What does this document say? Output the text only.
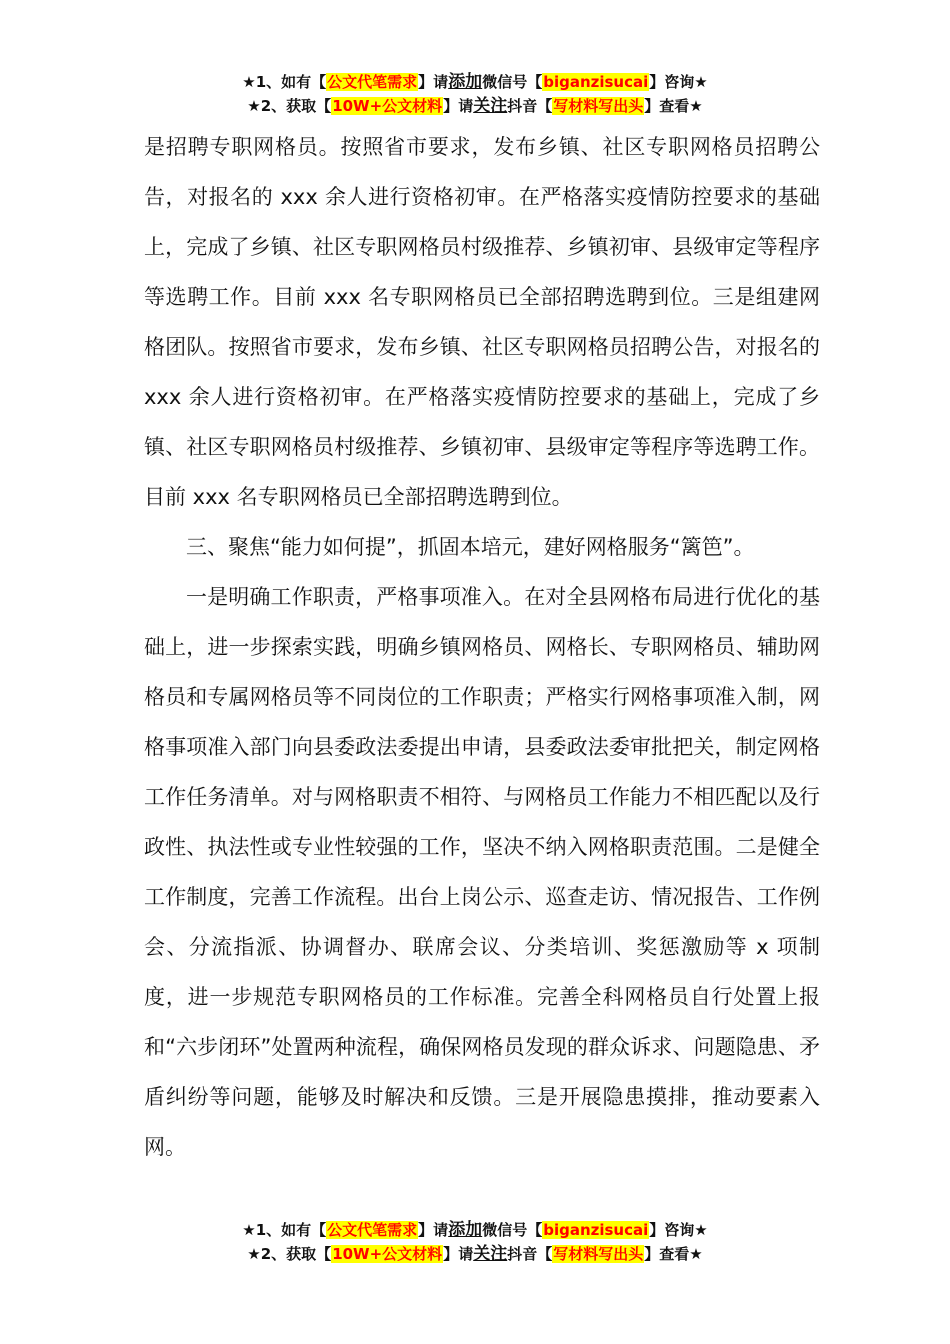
★1、如有【公文代笔需求】请添加微信号【biganzisucai】咨询★
★2、获取【10W+公文材料】请关注抖音【写材料写出头】查看★

是招聘专职网格员。按照省市要求，发布乡镇、社区专职网格员招聘公告，对报名的 xxx 余人进行资格初审。在严格落实疫情防控要求的基础上，完成了乡镇、社区专职网格员村级推荐、乡镇初审、县级审定等程序等选聘工作。目前 xxx 名专职网格员已全部招聘选聘到位。三是组建网格团队。按照省市要求，发布乡镇、社区专职网格员招聘公告，对报名的 xxx 余人进行资格初审。在严格落实疫情防控要求的基础上，完成了乡镇、社区专职网格员村级推荐、乡镇初审、县级审定等程序等选聘工作。目前 xxx 名专职网格员已全部招聘选聘到位。

三、聚焦“能力如何提”，抓固本培元，建好网格服务“篱笆”。

一是明确工作职责，严格事项准入。在对全县网格布局进行优化的基础上，进一步探索实践，明确乡镇网格员、网格长、专职网格员、辅助网格员和专属网格员等不同岗位的工作职责；严格实行网格事项准入制，网格事项准入部门向县委政法委提出申请，县委政法委审批把关，制定网格工作任务清单。对与网格职责不相符、与网格员工作能力不相匹配以及行政性、执法性或专业性较强的工作，坚决不纳入网格职责范围。二是健全工作制度，完善工作流程。出台上岗公示、巡查走访、情况报告、工作例会、分流指派、协调督办、联席会议、分类培训、奖惩激励等 x 项制度，进一步规范专职网格员的工作标准。完善全科网格员自行处置上报和“六步闭环”处置两种流程，确保网格员发现的群众诉求、问题隐患、矛盾纠纷等问题，能够及时解决和反馈。三是开展隐患摸排，推动要素入网。

★1、如有【公文代笔需求】请添加微信号【biganzisucai】咨询★
★2、获取【10W+公文材料】请关注抖音【写材料写出头】查看★
